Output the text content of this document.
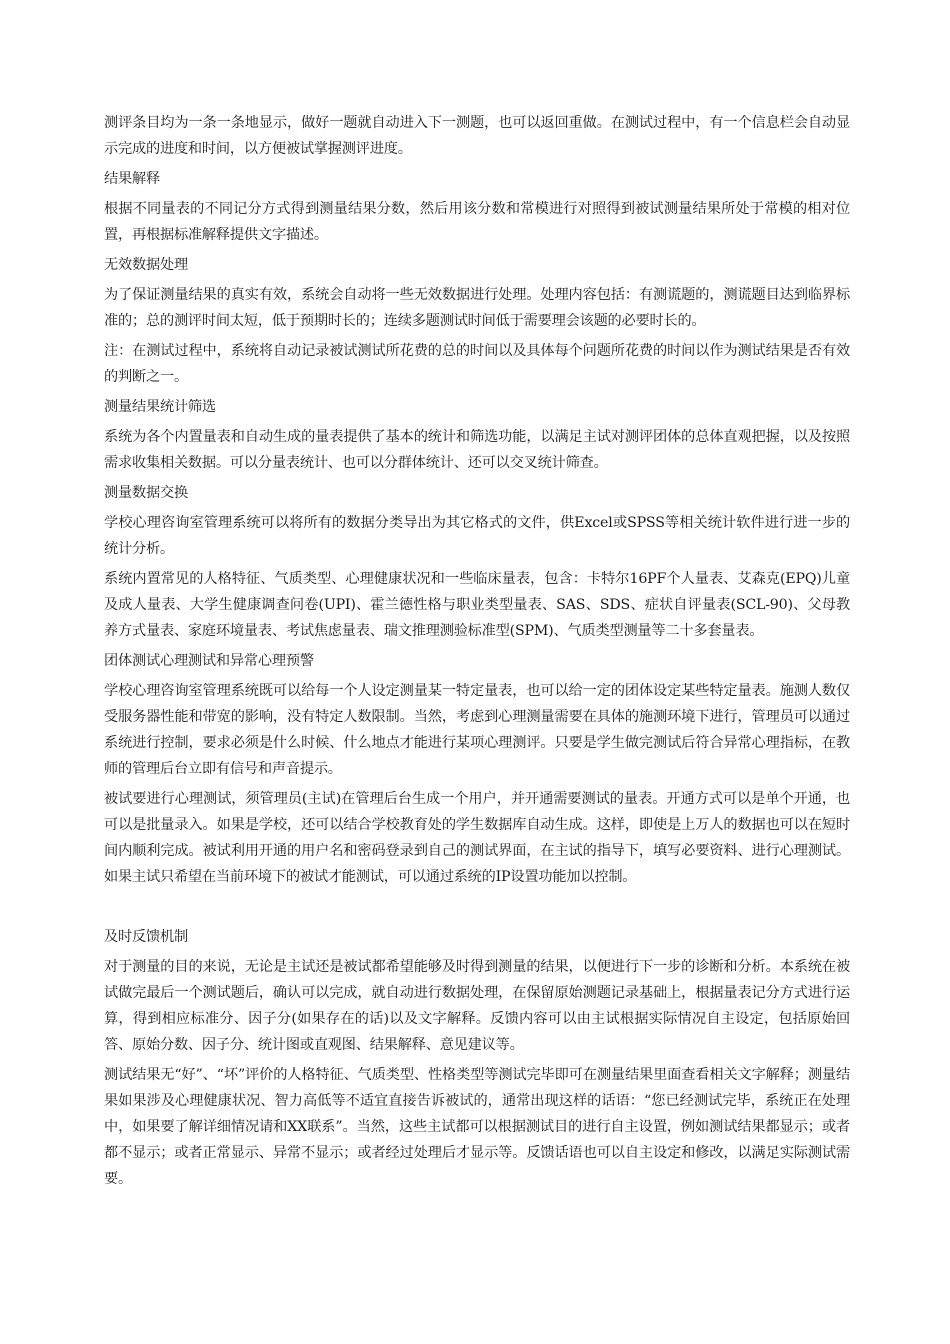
测评条目均为一条一条地显示，做好一题就自动进入下一测题，也可以返回重做。在测试过程中，有一个信息栏会自动显示完成的进度和时间，以方便被试掌握测评进度。

结果解释

根据不同量表的不同记分方式得到测量结果分数，然后用该分数和常模进行对照得到被试测量结果所处于常模的相对位置，再根据标准解释提供文字描述。

无效数据处理

为了保证测量结果的真实有效，系统会自动将一些无效数据进行处理。处理内容包括：有测谎题的，测谎题目达到临界标准的；总的测评时间太短，低于预期时长的；连续多题测试时间低于需要理会该题的必要时长的。

注：在测试过程中，系统将自动记录被试测试所花费的总的时间以及具体每个问题所花费的时间以作为测试结果是否有效的判断之一。

测量结果统计筛选

系统为各个内置量表和自动生成的量表提供了基本的统计和筛选功能，以满足主试对测评团体的总体直观把握，以及按照需求收集相关数据。可以分量表统计、也可以分群体统计、还可以交叉统计筛查。

测量数据交换

学校心理咨询室管理系统可以将所有的数据分类导出为其它格式的文件，供Excel或SPSS等相关统计软件进行进一步的统计分析。

系统内置常见的人格特征、气质类型、心理健康状况和一些临床量表，包含：卡特尔16PF个人量表、艾森克(EPQ)儿童及成人量表、大学生健康调查问卷(UPI)、霍兰德性格与职业类型量表、SAS、SDS、症状自评量表(SCL-90)、父母教养方式量表、家庭环境量表、考试焦虑量表、瑞文推理测验标准型(SPM)、气质类型测量等二十多套量表。

团体测试心理测试和异常心理预警

学校心理咨询室管理系统既可以给每一个人设定测量某一特定量表，也可以给一定的团体设定某些特定量表。施测人数仅受服务器性能和带宽的影响，没有特定人数限制。当然，考虑到心理测量需要在具体的施测环境下进行，管理员可以通过系统进行控制，要求必须是什么时候、什么地点才能进行某项心理测评。只要是学生做完测试后符合异常心理指标，在教师的管理后台立即有信号和声音提示。

被试要进行心理测试，须管理员(主试)在管理后台生成一个用户，并开通需要测试的量表。开通方式可以是单个开通，也可以是批量录入。如果是学校，还可以结合学校教育处的学生数据库自动生成。这样，即使是上万人的数据也可以在短时间内顺利完成。被试利用开通的用户名和密码登录到自己的测试界面，在主试的指导下，填写必要资料、进行心理测试。如果主试只希望在当前环境下的被试才能测试，可以通过系统的IP设置功能加以控制。

及时反馈机制

对于测量的目的来说，无论是主试还是被试都希望能够及时得到测量的结果，以便进行下一步的诊断和分析。本系统在被试做完最后一个测试题后，确认可以完成，就自动进行数据处理，在保留原始测题记录基础上，根据量表记分方式进行运算，得到相应标准分、因子分(如果存在的话)以及文字解释。反馈内容可以由主试根据实际情况自主设定，包括原始回答、原始分数、因子分、统计图或直观图、结果解释、意见建议等。

测试结果无“好”、“坏”评价的人格特征、气质类型、性格类型等测试完毕即可在测量结果里面查看相关文字解释；测量结果如果涉及心理健康状况、智力高低等不适宜直接告诉被试的，通常出现这样的话语：“您已经测试完毕，系统正在处理中，如果要了解详细情况请和XX联系”。当然，这些主试都可以根据测试目的进行自主设置，例如测试结果都显示；或者都不显示；或者正常显示、异常不显示；或者经过处理后才显示等。反馈话语也可以自主设定和修改，以满足实际测试需要。
